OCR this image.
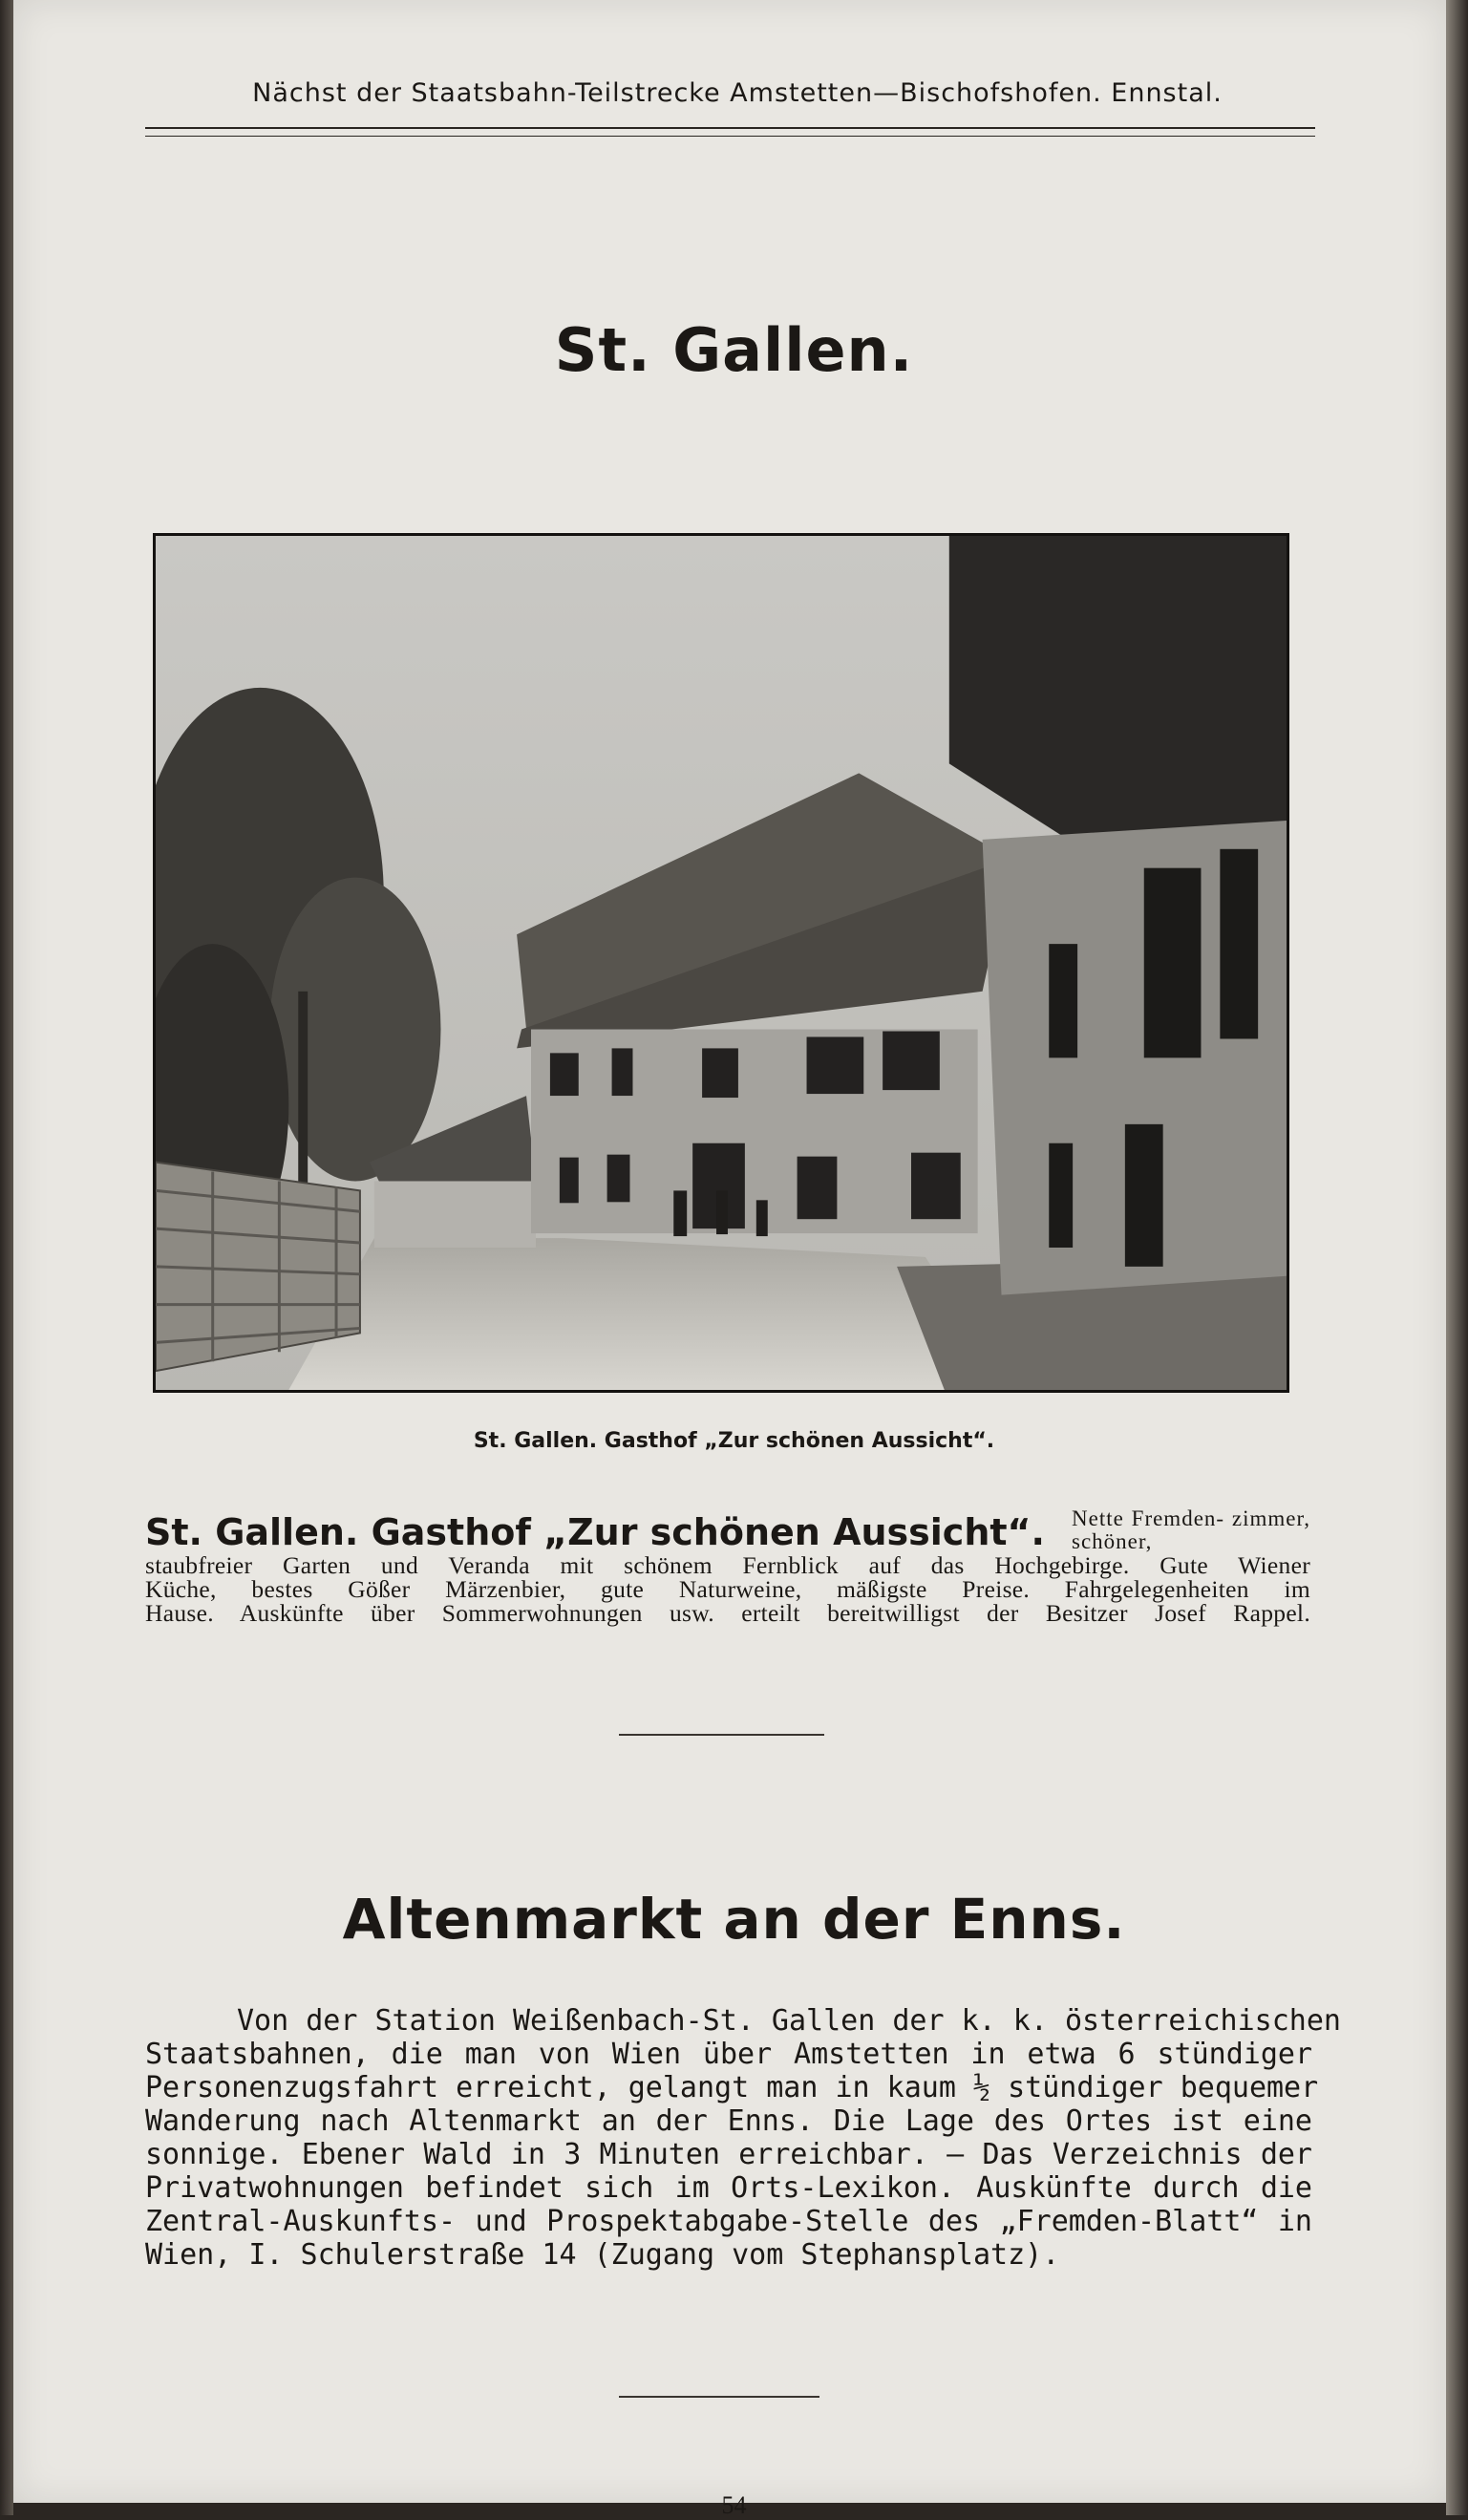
Nächst der Staatsbahn-Teilstrecke Amstetten—Bischofshofen. Ennstal.
St. Gallen.
St. Gallen. Gasthof „Zur schönen Aussicht“.
St. Gallen. Gasthof „Zur schönen Aussicht“. Nette Fremden- zimmer, schöner,
staubfreier Garten und Veranda mit schönem Fernblick auf das Hochgebirge. Gute Wiener
Küche, bestes Gößer Märzenbier, gute Naturweine, mäßigste Preise. Fahrgelegenheiten im
Hause. Auskünfte über Sommerwohnungen usw. erteilt bereitwilligst der Besitzer Josef Rappel.
Altenmarkt an der Enns.
Von der Station Weißenbach-St. Gallen der k. k. österreichischen
Staatsbahnen, die man von Wien über Amstetten in etwa 6 stündiger
Personenzugsfahrt erreicht, gelangt man in kaum ½ stündiger bequemer
Wanderung nach Altenmarkt an der Enns. Die Lage des Ortes ist eine
sonnige. Ebener Wald in 3 Minuten erreichbar. — Das Verzeichnis der
Privatwohnungen befindet sich im Orts-Lexikon. Auskünfte durch die
Zentral-Auskunfts- und Prospektabgabe-Stelle des „Fremden-Blatt“ in
Wien, I. Schulerstraße 14 (Zugang vom Stephansplatz).
54
